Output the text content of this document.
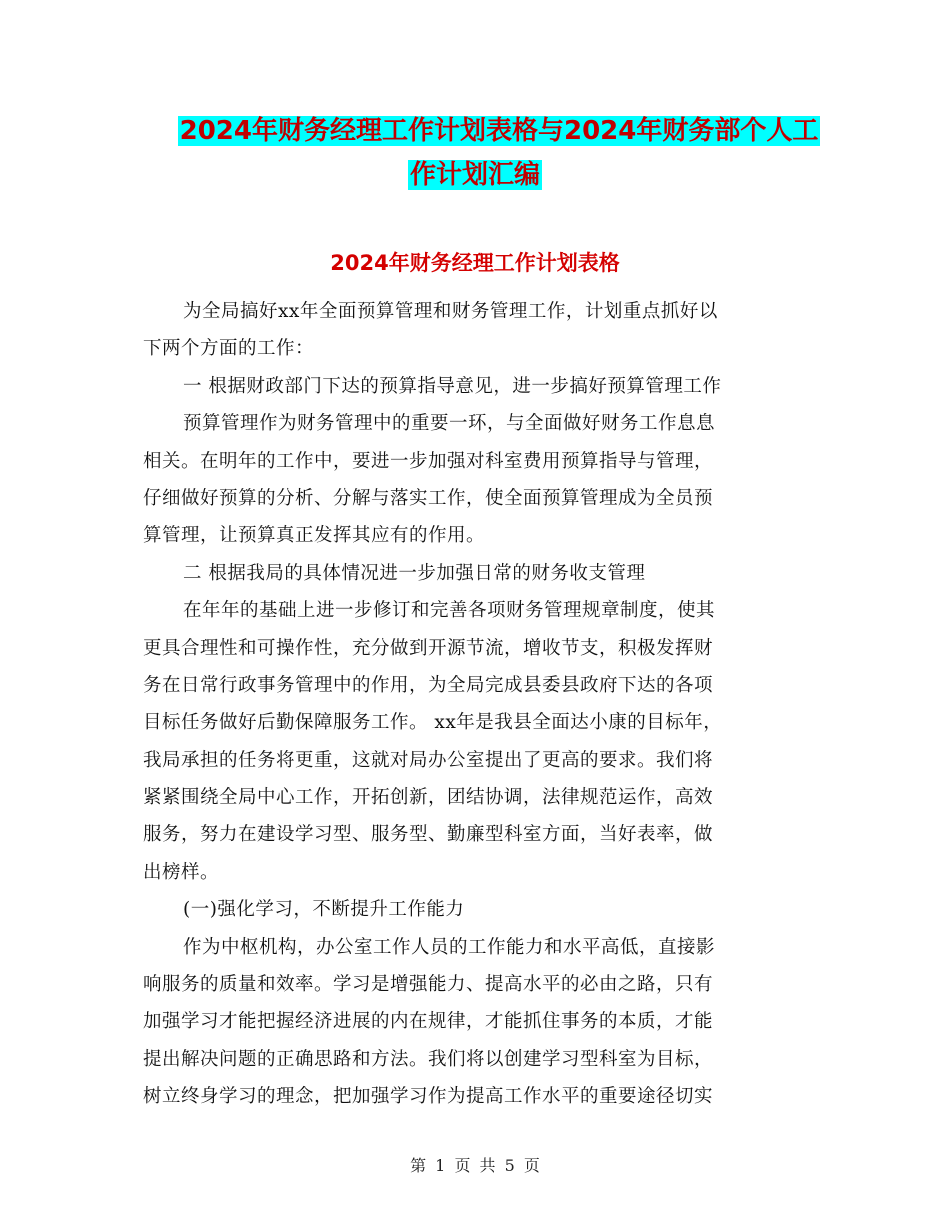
2024年财务经理工作计划表格与2024年财务部个人工
作计划汇编
2024年财务经理工作计划表格
为全局搞好xx年全面预算管理和财务管理工作，计划重点抓好以
下两个方面的工作：
一 根据财政部门下达的预算指导意见，进一步搞好预算管理工作
预算管理作为财务管理中的重要一环，与全面做好财务工作息息
相关。在明年的工作中，要进一步加强对科室费用预算指导与管理，
仔细做好预算的分析、分解与落实工作，使全面预算管理成为全员预
算管理，让预算真正发挥其应有的作用。
二 根据我局的具体情况进一步加强日常的财务收支管理
在年年的基础上进一步修订和完善各项财务管理规章制度，使其
更具合理性和可操作性，充分做到开源节流，增收节支，积极发挥财
务在日常行政事务管理中的作用，为全局完成县委县政府下达的各项
目标任务做好后勤保障服务工作。 xx年是我县全面达小康的目标年，
我局承担的任务将更重，这就对局办公室提出了更高的要求。我们将
紧紧围绕全局中心工作，开拓创新，团结协调，法律规范运作，高效
服务，努力在建设学习型、服务型、勤廉型科室方面，当好表率，做
出榜样。
(一)强化学习，不断提升工作能力
作为中枢机构，办公室工作人员的工作能力和水平高低，直接影
响服务的质量和效率。学习是增强能力、提高水平的必由之路，只有
加强学习才能把握经济进展的内在规律，才能抓住事务的本质，才能
提出解决问题的正确思路和方法。我们将以创建学习型科室为目标，
树立终身学习的理念，把加强学习作为提高工作水平的重要途径切实
第 1 页 共 5 页
